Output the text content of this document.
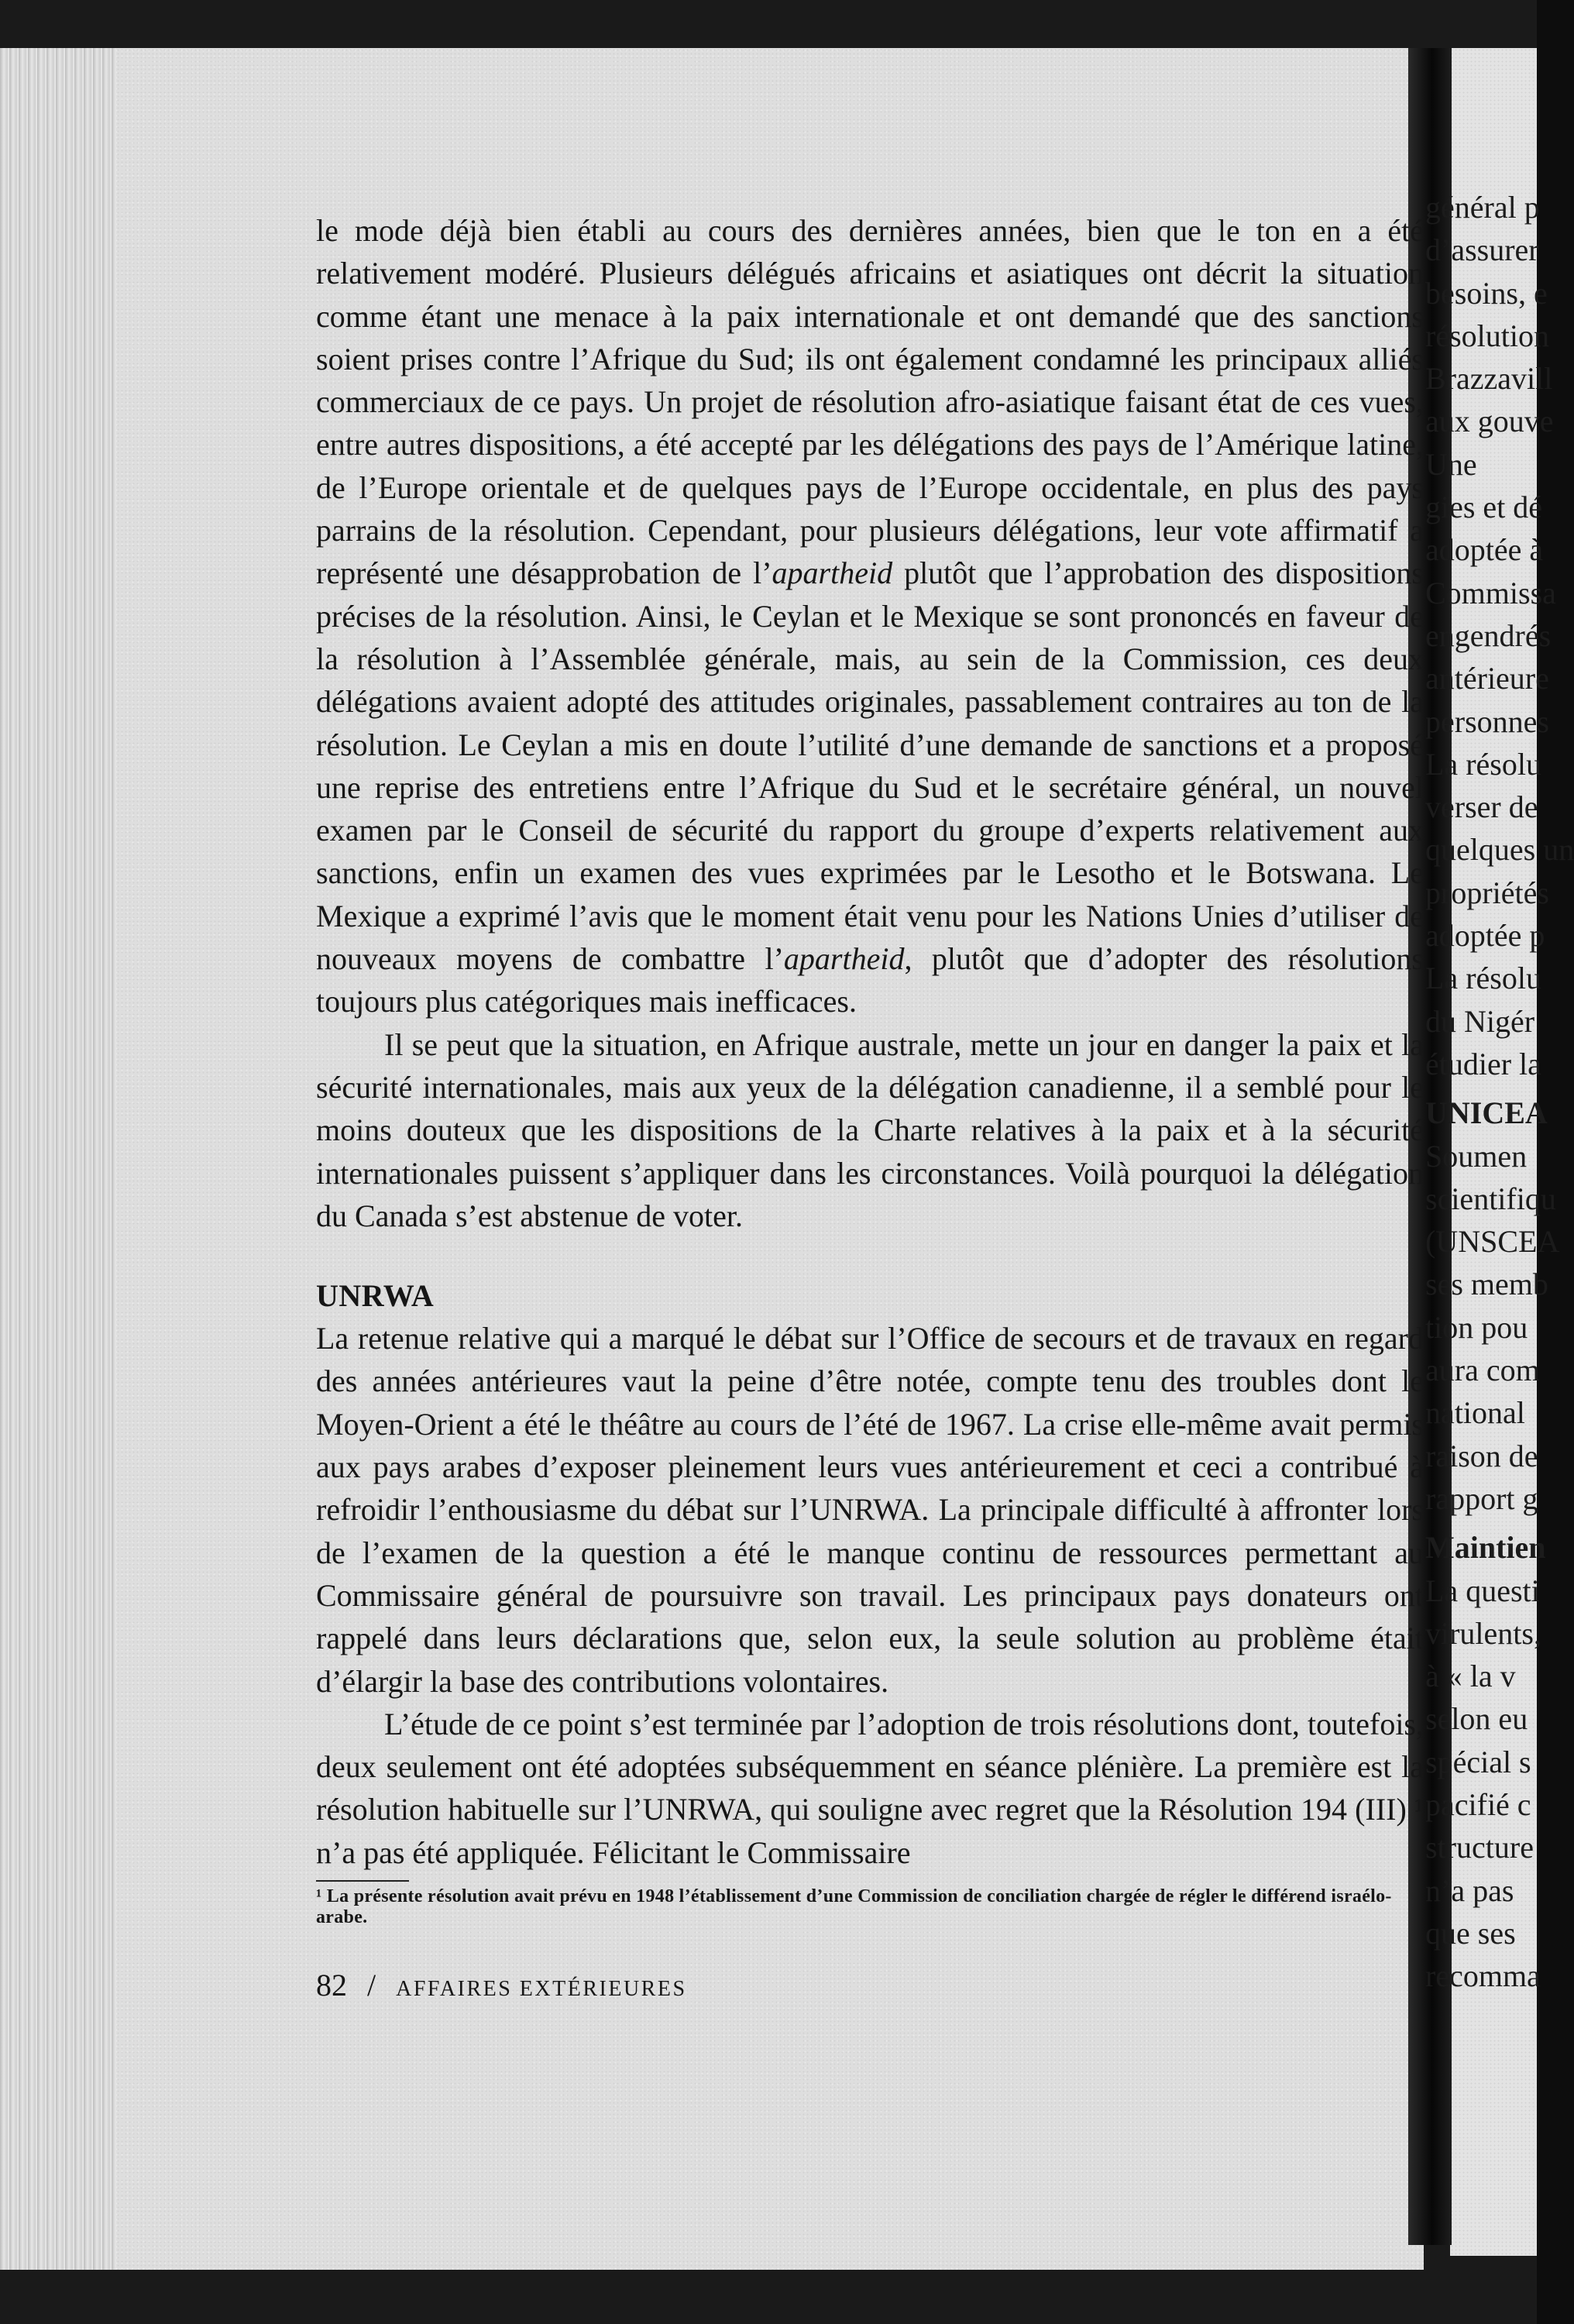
le mode déjà bien établi au cours des dernières années, bien que le ton en a été relativement modéré. Plusieurs délégués africains et asiatiques ont décrit la situation comme étant une menace à la paix internationale et ont demandé que des sanctions soient prises contre l’Afrique du Sud; ils ont également condamné les principaux alliés commerciaux de ce pays. Un projet de résolution afro-asiatique faisant état de ces vues, entre autres dispositions, a été accepté par les délégations des pays de l’Amérique latine, de l’Europe orientale et de quelques pays de l’Europe occidentale, en plus des pays parrains de la résolution. Cependant, pour plusieurs délégations, leur vote affirmatif a représenté une désapprobation de l’apartheid plutôt que l’approbation des dispositions précises de la résolution. Ainsi, le Ceylan et le Mexique se sont prononcés en faveur de la résolution à l’Assemblée générale, mais, au sein de la Commission, ces deux délégations avaient adopté des attitudes originales, passablement contraires au ton de la résolution. Le Ceylan a mis en doute l’utilité d’une demande de sanctions et a proposé une reprise des entretiens entre l’Afrique du Sud et le secrétaire général, un nouvel examen par le Conseil de sécurité du rapport du groupe d’experts relativement aux sanctions, enfin un examen des vues exprimées par le Lesotho et le Botswana. Le Mexique a exprimé l’avis que le moment était venu pour les Nations Unies d’utiliser de nouveaux moyens de combattre l’apartheid, plutôt que d’adopter des résolutions toujours plus catégoriques mais inefficaces.

Il se peut que la situation, en Afrique australe, mette un jour en danger la paix et la sécurité internationales, mais aux yeux de la délégation canadienne, il a semblé pour le moins douteux que les dispositions de la Charte relatives à la paix et à la sécurité internationales puissent s’appliquer dans les circonstances. Voilà pourquoi la délégation du Canada s’est abstenue de voter.

UNRWA

La retenue relative qui a marqué le débat sur l’Office de secours et de travaux en regard des années antérieures vaut la peine d’être notée, compte tenu des troubles dont le Moyen-Orient a été le théâtre au cours de l’été de 1967. La crise elle-même avait permis aux pays arabes d’exposer pleinement leurs vues antérieurement et ceci a contribué à refroidir l’enthousiasme du débat sur l’UNRWA. La principale difficulté à affronter lors de l’examen de la question a été le manque continu de ressources permettant au Commissaire général de poursuivre son travail. Les principaux pays donateurs ont rappelé dans leurs déclarations que, selon eux, la seule solution au problème était d’élargir la base des contributions volontaires.

L’étude de ce point s’est terminée par l’adoption de trois résolutions dont, toutefois, deux seulement ont été adoptées subséquemment en séance plénière. La première est la résolution habituelle sur l’UNRWA, qui souligne avec regret que la Résolution 194 (III) ¹ n’a pas été appliquée. Félicitant le Commissaire

¹ La présente résolution avait prévu en 1948 l’établissement d’une Commission de conciliation chargée de régler le différend israélo-arabe.

82 / AFFAIRES EXTÉRIEURES
général p
d’assurer
besoins, e
résolution
Brazzavill
aux gouve
Une
gies et dé
adoptée à
Commissa
engendrés
antérieure
personnes
La résolu
verser de
quelques un
propriétés
adoptée p
La résolu
du Nigér
étudier la
UNICEA
Soumen
scientifiqu
(UNSCEA
ses memb
tion pou
aura com
national
raison de
rapport g
Maintien
La questi
virulents,
à « la v
selon eu
spécial s
pacifié c
structure
n’a pas
que ses
recomma
